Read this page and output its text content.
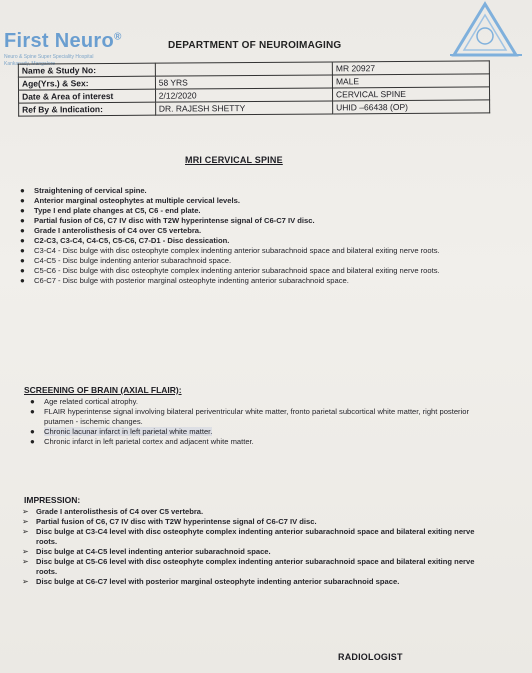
First Neuro®
Neuro & Spine Super Speciality Hospital
Kankanady, Mangalore
DEPARTMENT OF NEUROIMAGING
Name & Study No:		MR 20927
Age(Yrs.) & Sex:	58 YRS	MALE
Date & Area of interest	2/12/2020	CERVICAL SPINE
Ref By & Indication:	DR. RAJESH SHETTY	UHID –66438 (OP)
MRI CERVICAL SPINE
● Straightening of cervical spine.
● Anterior marginal osteophytes at multiple cervical levels.
● Type I end plate changes at C5, C6 - end plate.
● Partial fusion of C6, C7 IV disc with T2W hyperintense signal of C6-C7 IV disc.
● Grade I anterolisthesis of C4 over C5 vertebra.
● C2-C3, C3-C4, C4-C5, C5-C6, C7-D1 - Disc dessication.
● C3-C4 - Disc bulge with disc osteophyte complex indenting anterior subarachnoid space and bilateral exiting nerve roots.
● C4-C5 - Disc bulge indenting anterior subarachnoid space.
● C5-C6 - Disc bulge with disc osteophyte complex indenting anterior subarachnoid space and bilateral exiting nerve roots.
● C6-C7 - Disc bulge with posterior marginal osteophyte indenting anterior subarachnoid space.
SCREENING OF BRAIN (AXIAL FLAIR):
● Age related cortical atrophy.
● FLAIR hyperintense signal involving bilateral periventricular white matter, fronto parietal subcortical white matter, right posterior putamen - ischemic changes.
● Chronic lacunar infarct in left parietal white matter.
● Chronic infarct in left parietal cortex and adjacent white matter.
IMPRESSION:
➢ Grade I anterolisthesis of C4 over C5 vertebra.
➢ Partial fusion of C6, C7 IV disc with T2W hyperintense signal of C6-C7 IV disc.
➢ Disc bulge at C3-C4 level with disc osteophyte complex indenting anterior subarachnoid space and bilateral exiting nerve roots.
➢ Disc bulge at C4-C5 level indenting anterior subarachnoid space.
➢ Disc bulge at C5-C6 level with disc osteophyte complex indenting anterior subarachnoid space and bilateral exiting nerve roots.
➢ Disc bulge at C6-C7 level with posterior marginal osteophyte indenting anterior subarachnoid space.
RADIOLOGIST
